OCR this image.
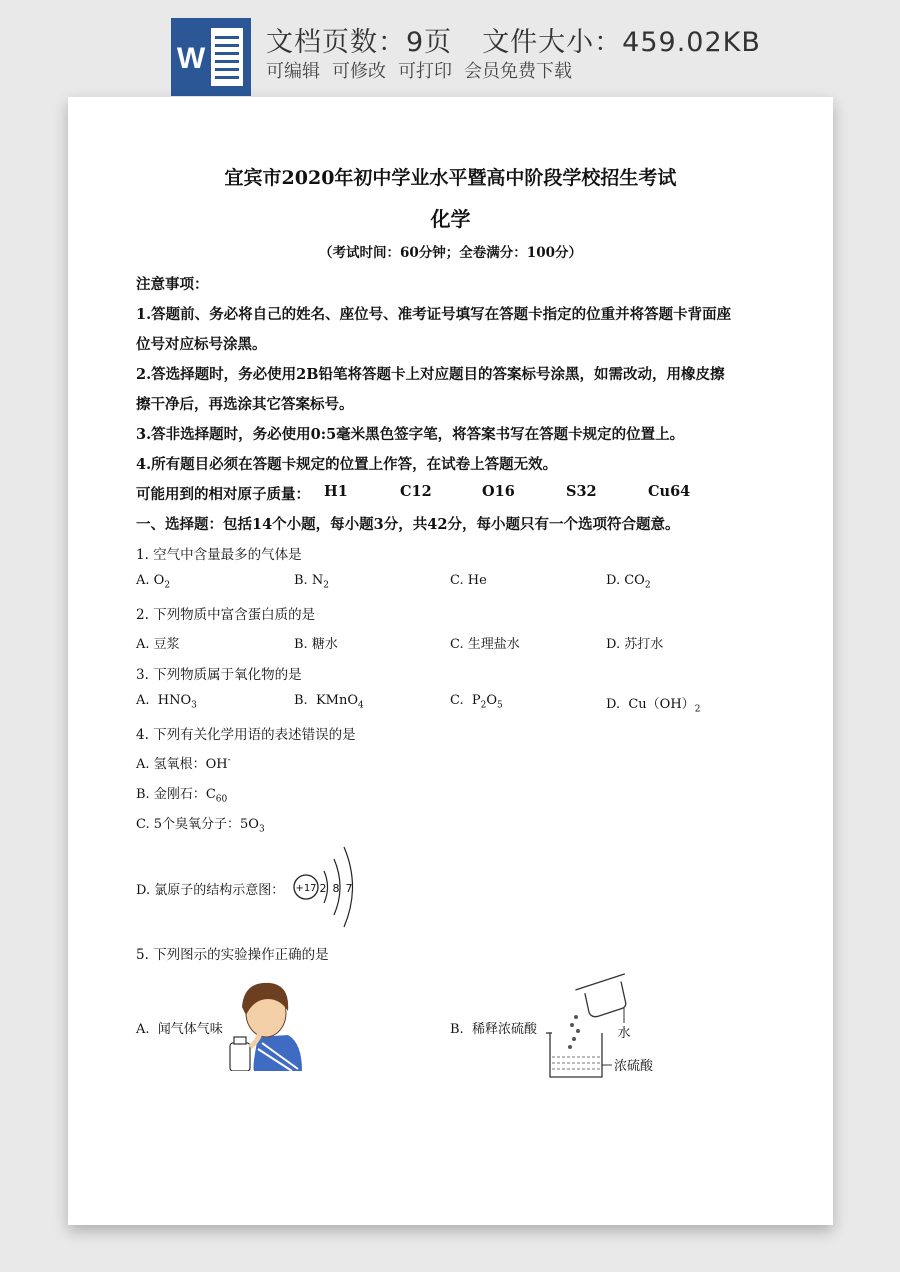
W 文档页数：9页 文件大小：459.02KB
可编辑 可修改 可打印 会员免费下载
宜宾市2020年初中学业水平暨高中阶段学校招生考试
化学
（考试时间：60分钟；全卷满分：100分）
注意事项：
1.答题前、务必将自己的姓名、座位号、准考证号填写在答题卡指定的位重并将答题卡背面座
位号对应标号涂黑。
2.答选择题时，务必使用2B铅笔将答题卡上对应题目的答案标号涂黑，如需改动，用橡皮擦
擦干净后，再选涂其它答案标号。
3.答非选择题时，务必使用0:5毫米黑色签字笔，将答案书写在答题卡规定的位置上。
4.所有题目必须在答题卡规定的位置上作答，在试卷上答题无效。
可能用到的相对原子质量： H1	C12	O16	S32	Cu64
一、选择题：包括14个小题，每小题3分，共42分，每小题只有一个选项符合题意。
1. 空气中含量最多的气体是
A. $O_2$	B. $N_2$	C. He	D. $CO_2$
2. 下列物质中富含蛋白质的是
A. 豆浆	B. 糖水	C. 生理盐水	D. 苏打水
3. 下列物质属于氧化物的是
A. $HNO_3$	B. KMnO$_4$	C. $P_2O_5$	D. $Cu(OH)_2$
4. 下列有关化学用语的表述错误的是
A. 氢氧根：OH-
B. 金刚石：$C_{60}$
C. 5个臭氧分子：$5O_3$
D. 氯原子的结构示意图： +17 2 8 7
5. 下列图示的实验操作正确的是
A. 闻气体气味	B. 稀释浓硫酸	水
浓硫酸
